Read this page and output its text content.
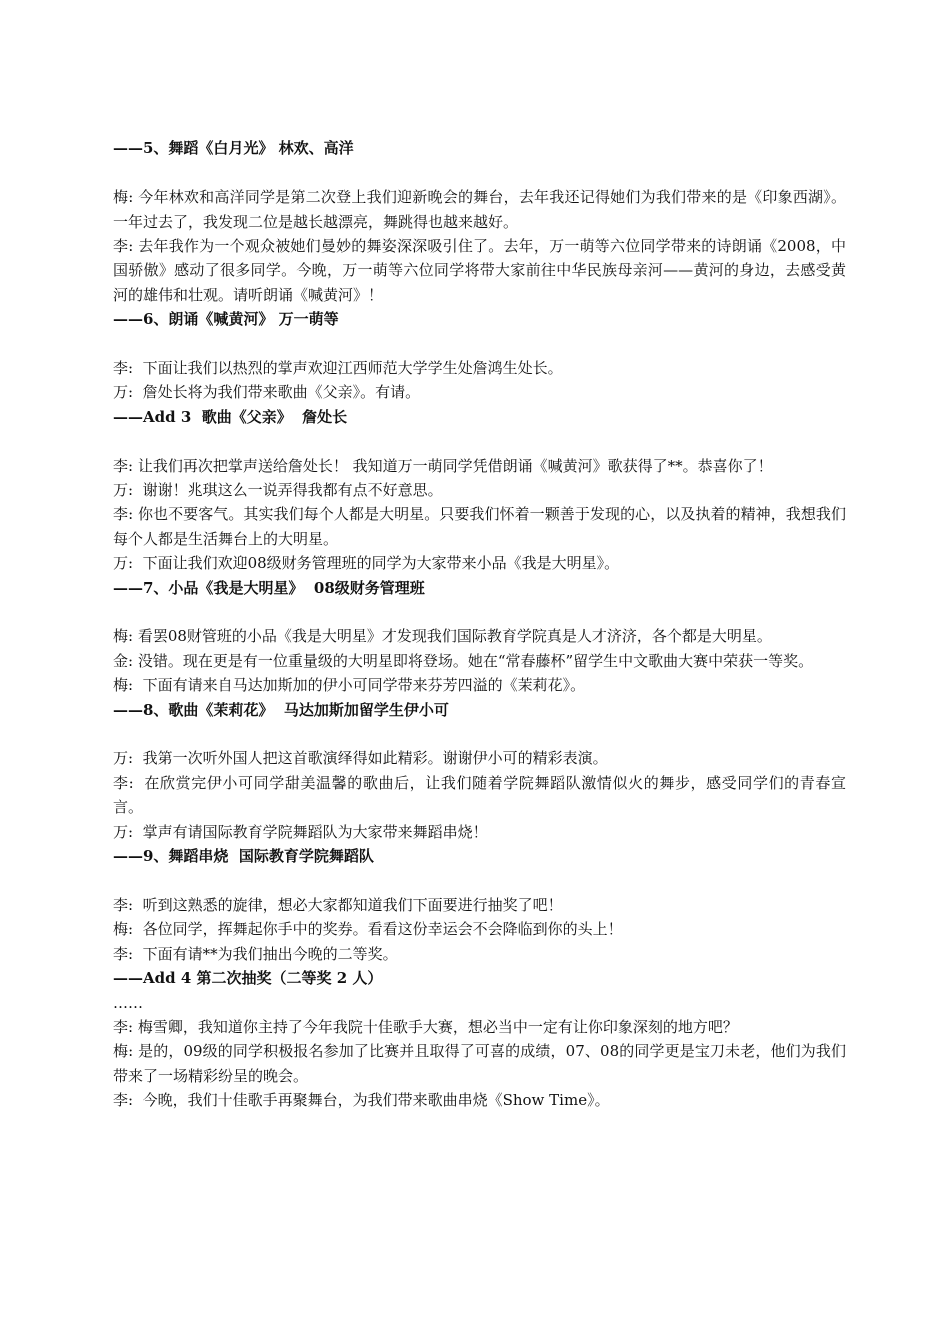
——5、舞蹈《白月光》 林欢、高洋
梅: 今年林欢和高洋同学是第二次登上我们迎新晚会的舞台，去年我还记得她们为我们带来的是《印象西湖》。一年过去了，我发现二位是越长越漂亮，舞跳得也越来越好。
李: 去年我作为一个观众被她们曼妙的舞姿深深吸引住了。去年，万一萌等六位同学带来的诗朗诵《2008，中国骄傲》感动了很多同学。今晚，万一萌等六位同学将带大家前往中华民族母亲河——黄河的身边，去感受黄河的雄伟和壮观。请听朗诵《喊黄河》！
——6、朗诵《喊黄河》 万一萌等
李:  下面让我们以热烈的掌声欢迎江西师范大学学生处詹鸿生处长。
万:  詹处长将为我们带来歌曲《父亲》。有请。
——Add 3  歌曲《父亲》  詹处长
李: 让我们再次把掌声送给詹处长！ 我知道万一萌同学凭借朗诵《喊黄河》歌获得了**。恭喜你了！
万:  谢谢！兆琪这么一说弄得我都有点不好意思。
李: 你也不要客气。其实我们每个人都是大明星。只要我们怀着一颗善于发现的心，以及执着的精神，我想我们每个人都是生活舞台上的大明星。
万:  下面让我们欢迎08级财务管理班的同学为大家带来小品《我是大明星》。
——7、小品《我是大明星》  08级财务管理班
梅: 看罢08财管班的小品《我是大明星》才发现我们国际教育学院真是人才济济，各个都是大明星。
金: 没错。现在更是有一位重量级的大明星即将登场。她在“常春藤杯”留学生中文歌曲大赛中荣获一等奖。
梅:  下面有请来自马达加斯加的伊小可同学带来芬芳四溢的《茉莉花》。
——8、歌曲《茉莉花》  马达加斯加留学生伊小可
万:  我第一次听外国人把这首歌演绎得如此精彩。谢谢伊小可的精彩表演。
李:  在欣赏完伊小可同学甜美温馨的歌曲后，让我们随着学院舞蹈队激情似火的舞步，感受同学们的青春宣言。
万:  掌声有请国际教育学院舞蹈队为大家带来舞蹈串烧！
——9、舞蹈串烧  国际教育学院舞蹈队
李:  听到这熟悉的旋律，想必大家都知道我们下面要进行抽奖了吧！
梅:  各位同学，挥舞起你手中的奖券。看看这份幸运会不会降临到你的头上！
李:  下面有请**为我们抽出今晚的二等奖。
——Add 4 第二次抽奖（二等奖 2 人）
……
李: 梅雪卿，我知道你主持了今年我院十佳歌手大赛，想必当中一定有让你印象深刻的地方吧？
梅: 是的，09级的同学积极报名参加了比赛并且取得了可喜的成绩，07、08的同学更是宝刀未老，他们为我们带来了一场精彩纷呈的晚会。
李:  今晚，我们十佳歌手再聚舞台，为我们带来歌曲串烧《Show Time》。
